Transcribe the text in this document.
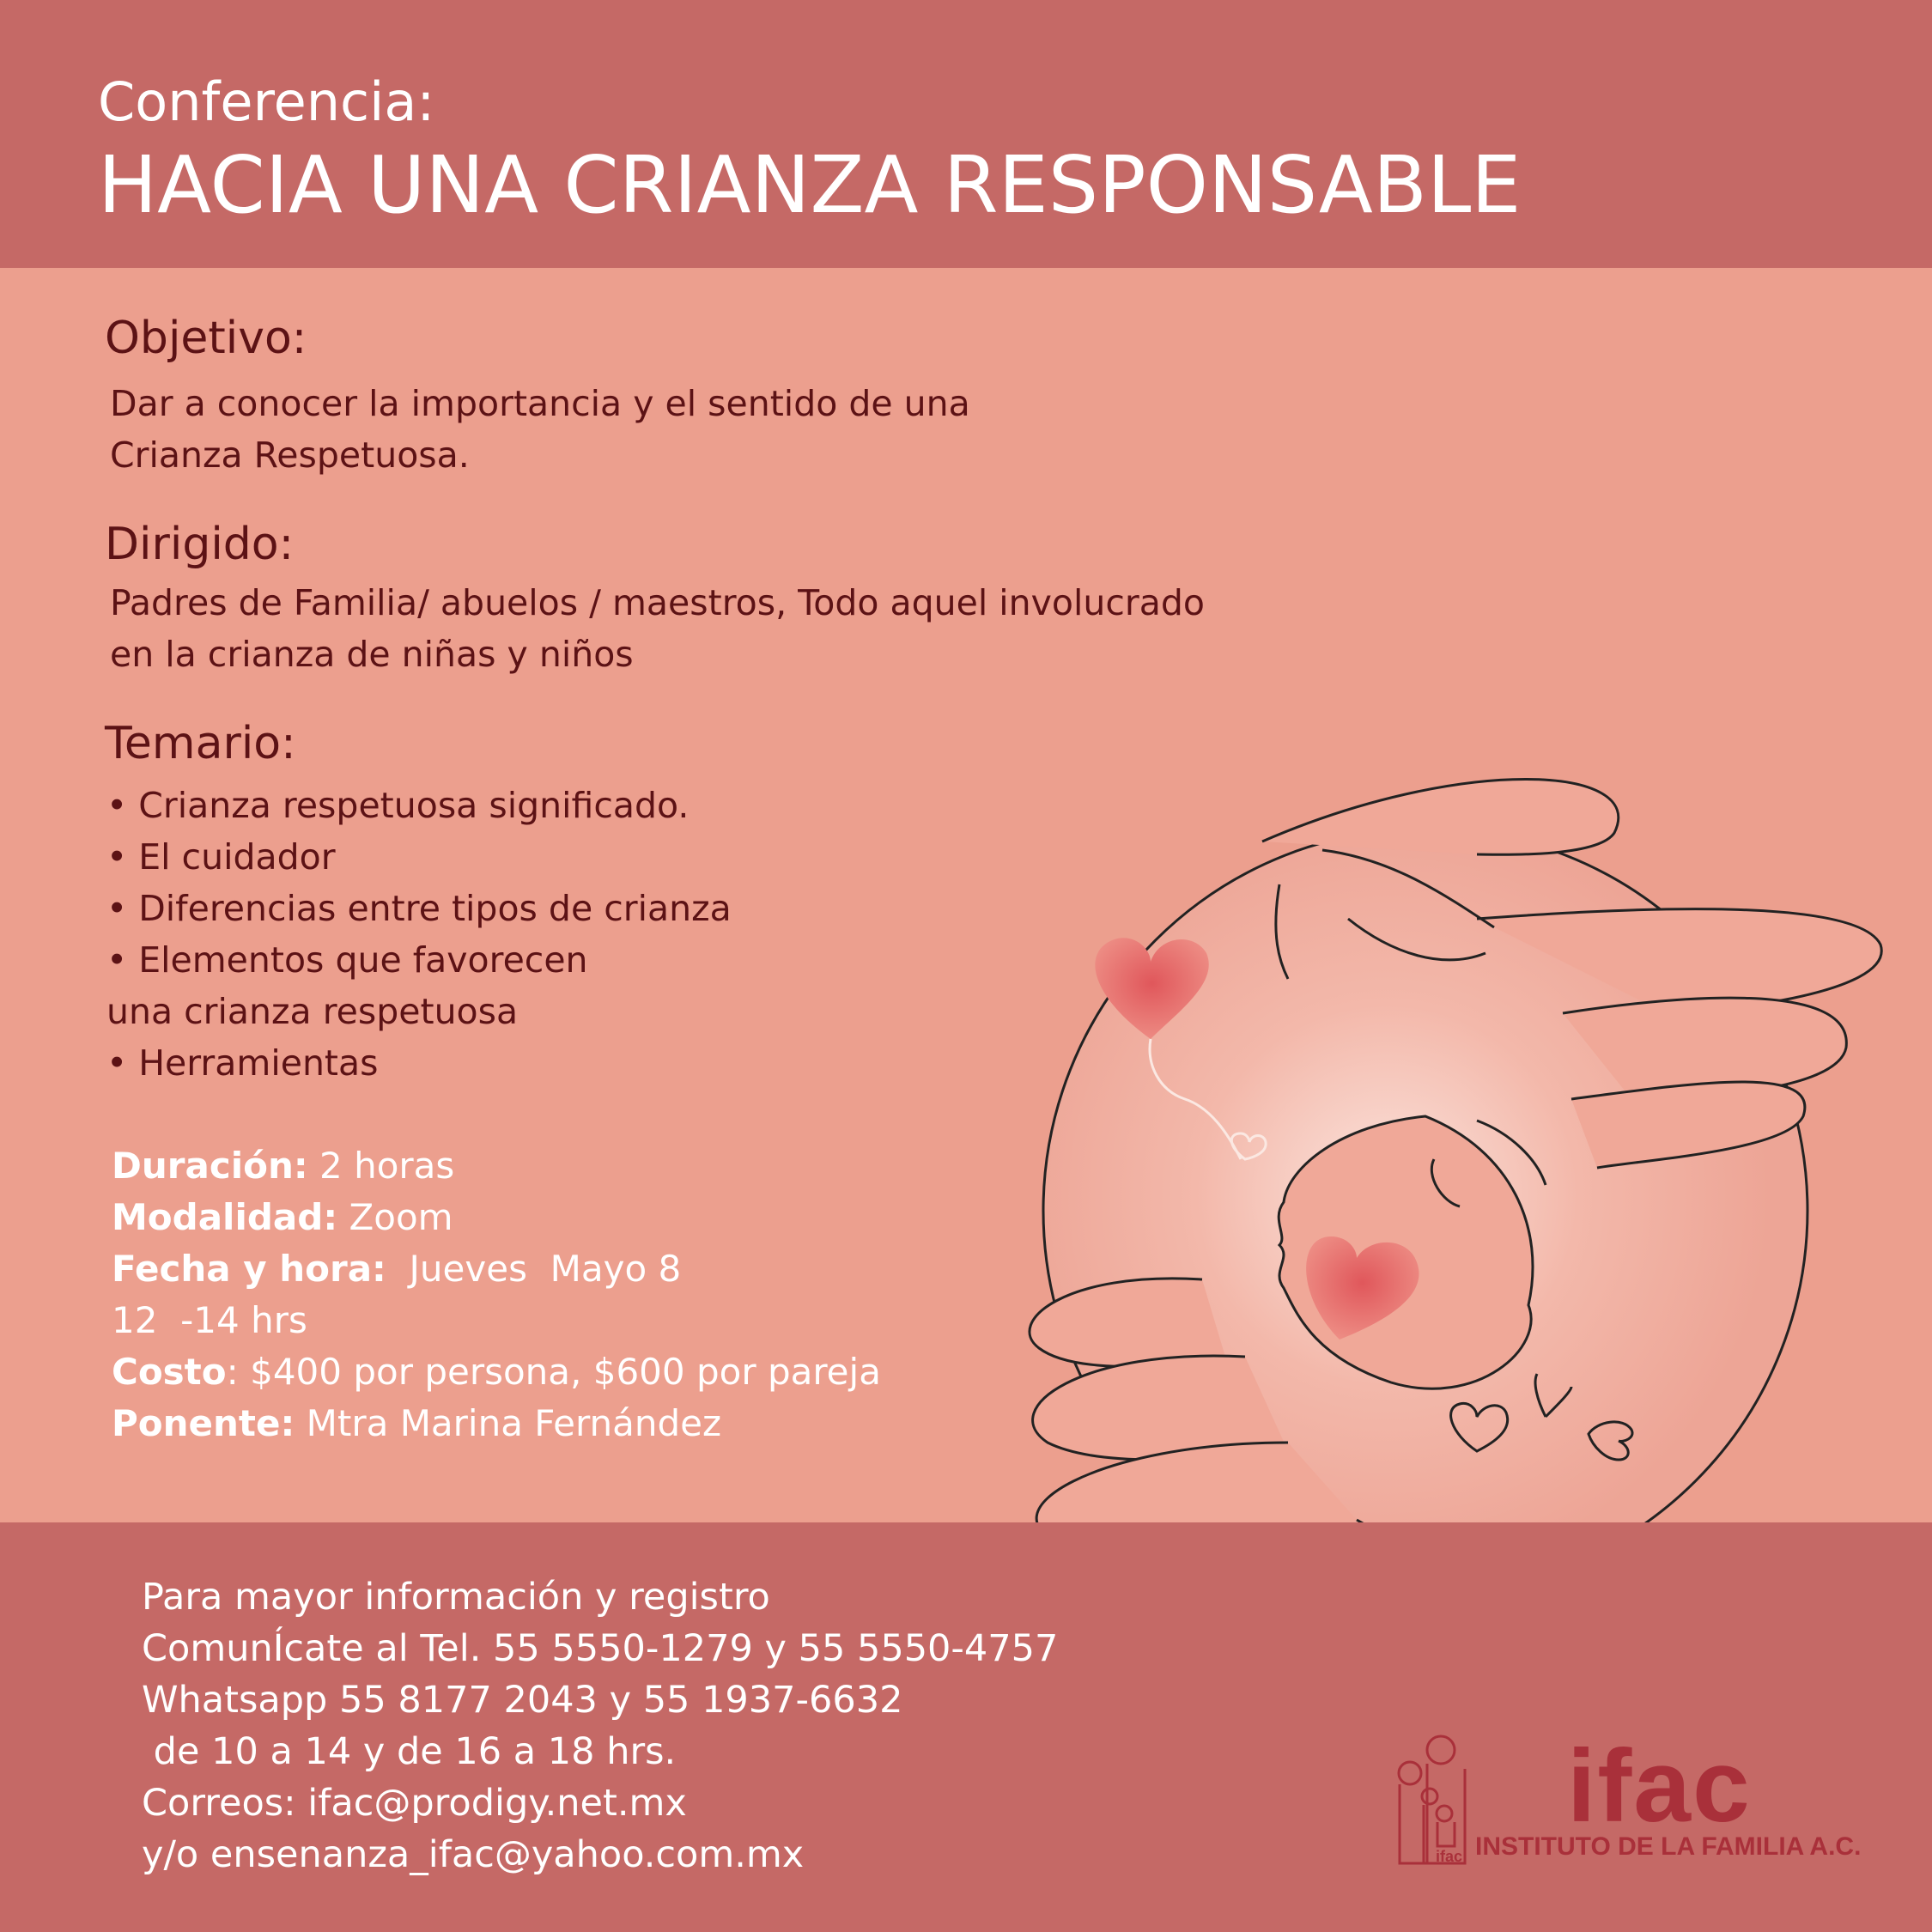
Conferencia:
HACIA UNA CRIANZA RESPONSABLE
Objetivo:
Dar a conocer la importancia y el sentido de una
Crianza Respetuosa.
Dirigido:
Padres de Familia/ abuelos / maestros, Todo aquel involucrado
en la crianza de niñas y niños
Temario:
• Crianza respetuosa significado.
• El cuidador
• Diferencias entre tipos de crianza
• Elementos que favorecen
una crianza respetuosa
• Herramientas
Duración: 2 horas
Modalidad: Zoom
Fecha y hora:  Jueves  Mayo 8
12  -14 hrs
Costo: $400 por persona, $600 por pareja
Ponente: Mtra Marina Fernández
Para mayor información y registro
ComunÍcate al Tel. 55 5550-1279 y 55 5550-4757
Whatsapp 55 8177 2043 y 55 1937-6632
de 10 a 14 y de 16 a 18 hrs.
Correos: ifac@prodigy.net.mx
y/o ensenanza_ifac@yahoo.com.mx	ifac
ifac
INSTITUTO DE LA FAMILIA A.C.
